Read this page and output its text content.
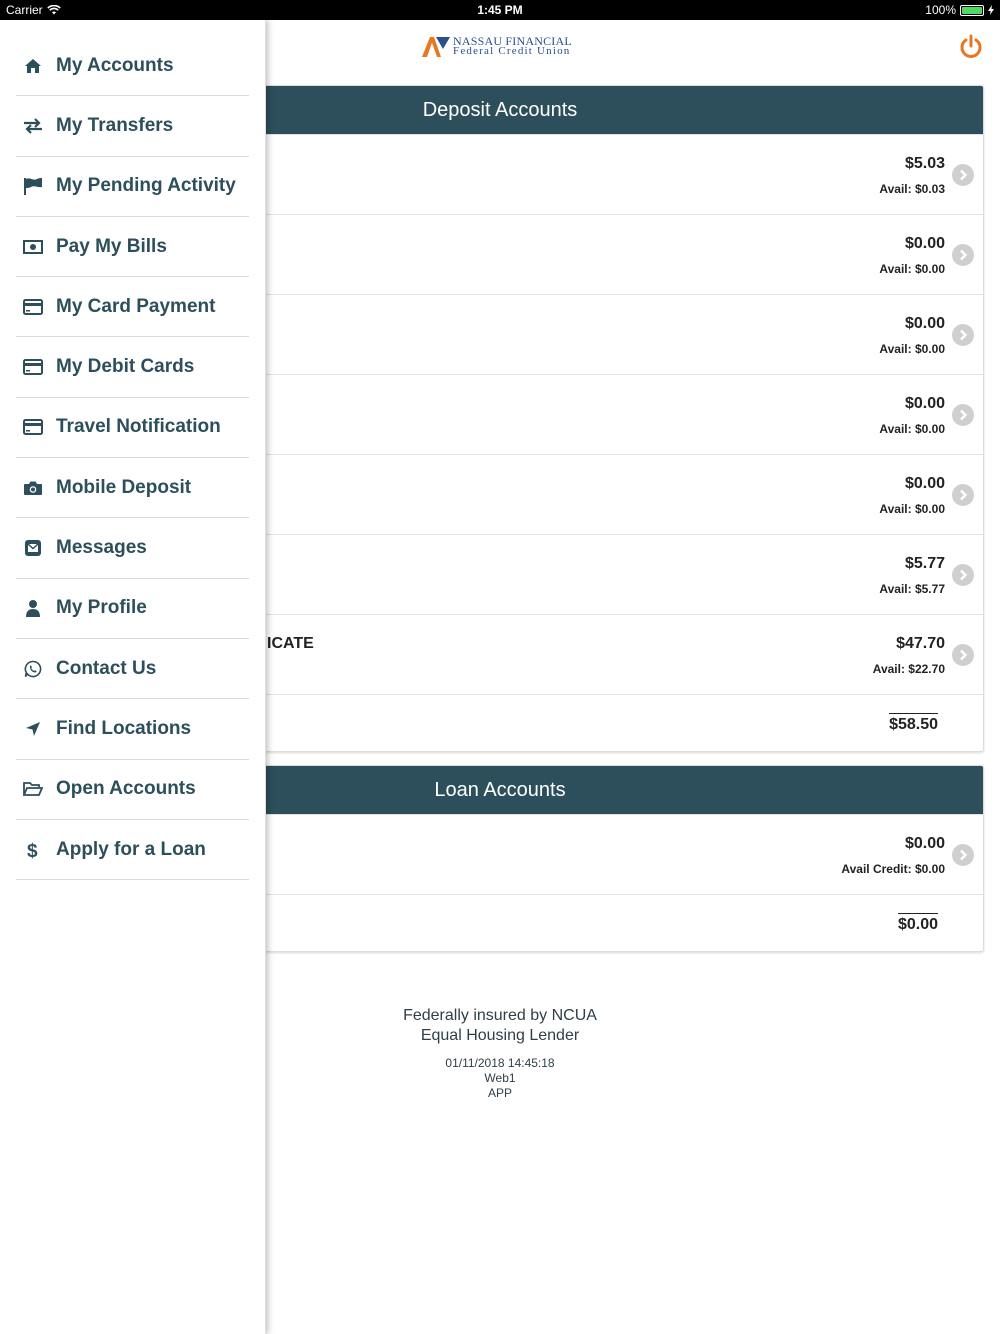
Carrier	1:45 PM	100%
NASSAU FINANCIAL
Federal Credit Union
Deposit Accounts
$5.03
Avail: $0.03
$0.00
Avail: $0.00
$0.00
Avail: $0.00
$0.00
Avail: $0.00
$0.00
Avail: $0.00
$5.77
Avail: $5.77
ICATE	$47.70
Avail: $22.70
$58.50
Loan Accounts
$0.00
Avail Credit: $0.00
$0.00
Federally insured by NCUA
Equal Housing Lender
01/11/2018 14:45:18
Web1
APP
My Accounts
My Transfers
My Pending Activity
Pay My Bills
My Card Payment
My Debit Cards
Travel Notification
Mobile Deposit
Messages
My Profile
Contact Us
Find Locations
Open Accounts
$ Apply for a Loan
